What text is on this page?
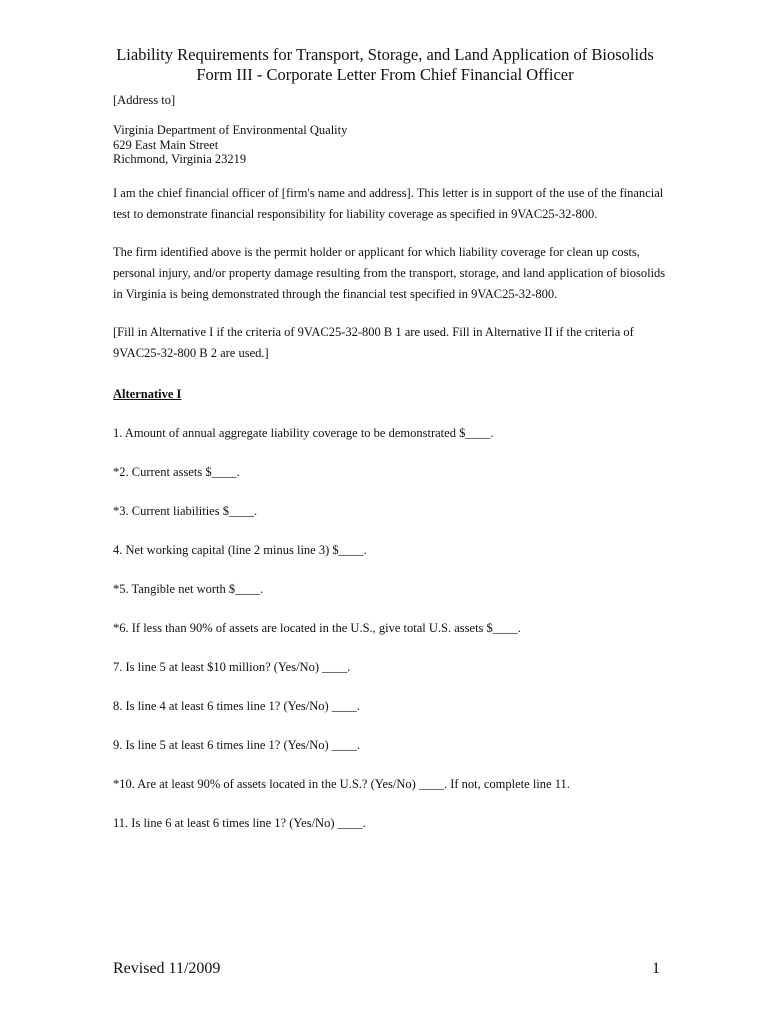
Liability Requirements for Transport, Storage, and Land Application of Biosolids
Form III - Corporate Letter From Chief Financial Officer

[Address to]

Virginia Department of Environmental Quality
629 East Main Street
Richmond, Virginia 23219

I am the chief financial officer of [firm's name and address]. This letter is in support of the use of the financial test to demonstrate financial responsibility for liability coverage as specified in 9VAC25-32-800.

The firm identified above is the permit holder or applicant for which liability coverage for clean up costs, personal injury, and/or property damage resulting from the transport, storage, and land application of biosolids in Virginia is being demonstrated through the financial test specified in 9VAC25-32-800.

[Fill in Alternative I if the criteria of 9VAC25-32-800 B 1 are used. Fill in Alternative II if the criteria of 9VAC25-32-800 B 2 are used.]

Alternative I

1. Amount of annual aggregate liability coverage to be demonstrated $____.

*2. Current assets $____.

*3. Current liabilities $____.

4. Net working capital (line 2 minus line 3) $____.

*5. Tangible net worth $____.

*6. If less than 90% of assets are located in the U.S., give total U.S. assets $____.

7. Is line 5 at least $10 million? (Yes/No) ____.

8. Is line 4 at least 6 times line 1? (Yes/No) ____.

9. Is line 5 at least 6 times line 1? (Yes/No) ____.

*10. Are at least 90% of assets located in the U.S.? (Yes/No) ____. If not, complete line 11.

11. Is line 6 at least 6 times line 1? (Yes/No) ____.

Revised 11/2009	1
